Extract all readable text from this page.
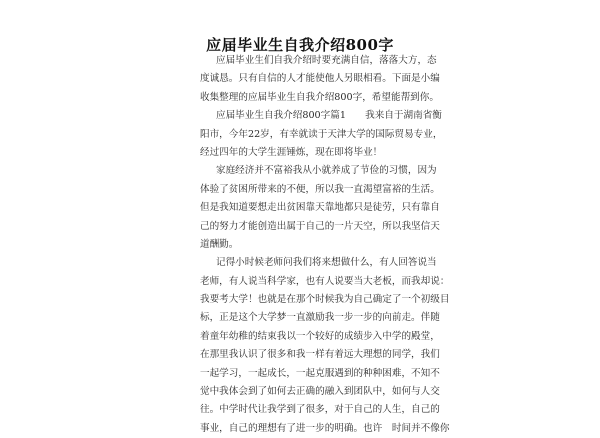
应届毕业生自我介绍800字
应届毕业生们自我介绍时要充满自信，落落大方，态
度诚恳。只有自信的人才能使他人另眼相看。下面是小编
收集整理的应届毕业生自我介绍800字，希望能帮到你。
应届毕业生自我介绍800字篇1　　我来自于湖南省衡
阳市，今年22岁，有幸就读于天津大学的国际贸易专业，
经过四年的大学生涯锤炼，现在即将毕业！
家庭经济并不富裕我从小就养成了节俭的习惯，因为
体验了贫困所带来的不便，所以我一直渴望富裕的生活。
但是我知道要想走出贫困靠天靠地都只是徒劳，只有靠自
己的努力才能创造出属于自己的一片天空，所以我坚信天
道酬勤。
记得小时候老师问我们将来想做什么，有人回答说当
老师，有人说当科学家，也有人说要当大老板，而我却说：
我要考大学！也就是在那个时候我为自己确定了一个初级目
标，正是这个大学梦一直激励我一步一步的向前走。伴随
着童年幼稚的结束我以一个较好的成绩步入中学的殿堂，
在那里我认识了很多和我一样有着远大理想的同学，我们
一起学习，一起成长，一起克服遇到的种种困难，不知不
觉中我体会到了如何去正确的融入到团队中，如何与人交
往。中学时代让我学到了很多，对于自己的人生，自己的
事业，自己的理想有了进一步的明确。也许　时间并不像你
